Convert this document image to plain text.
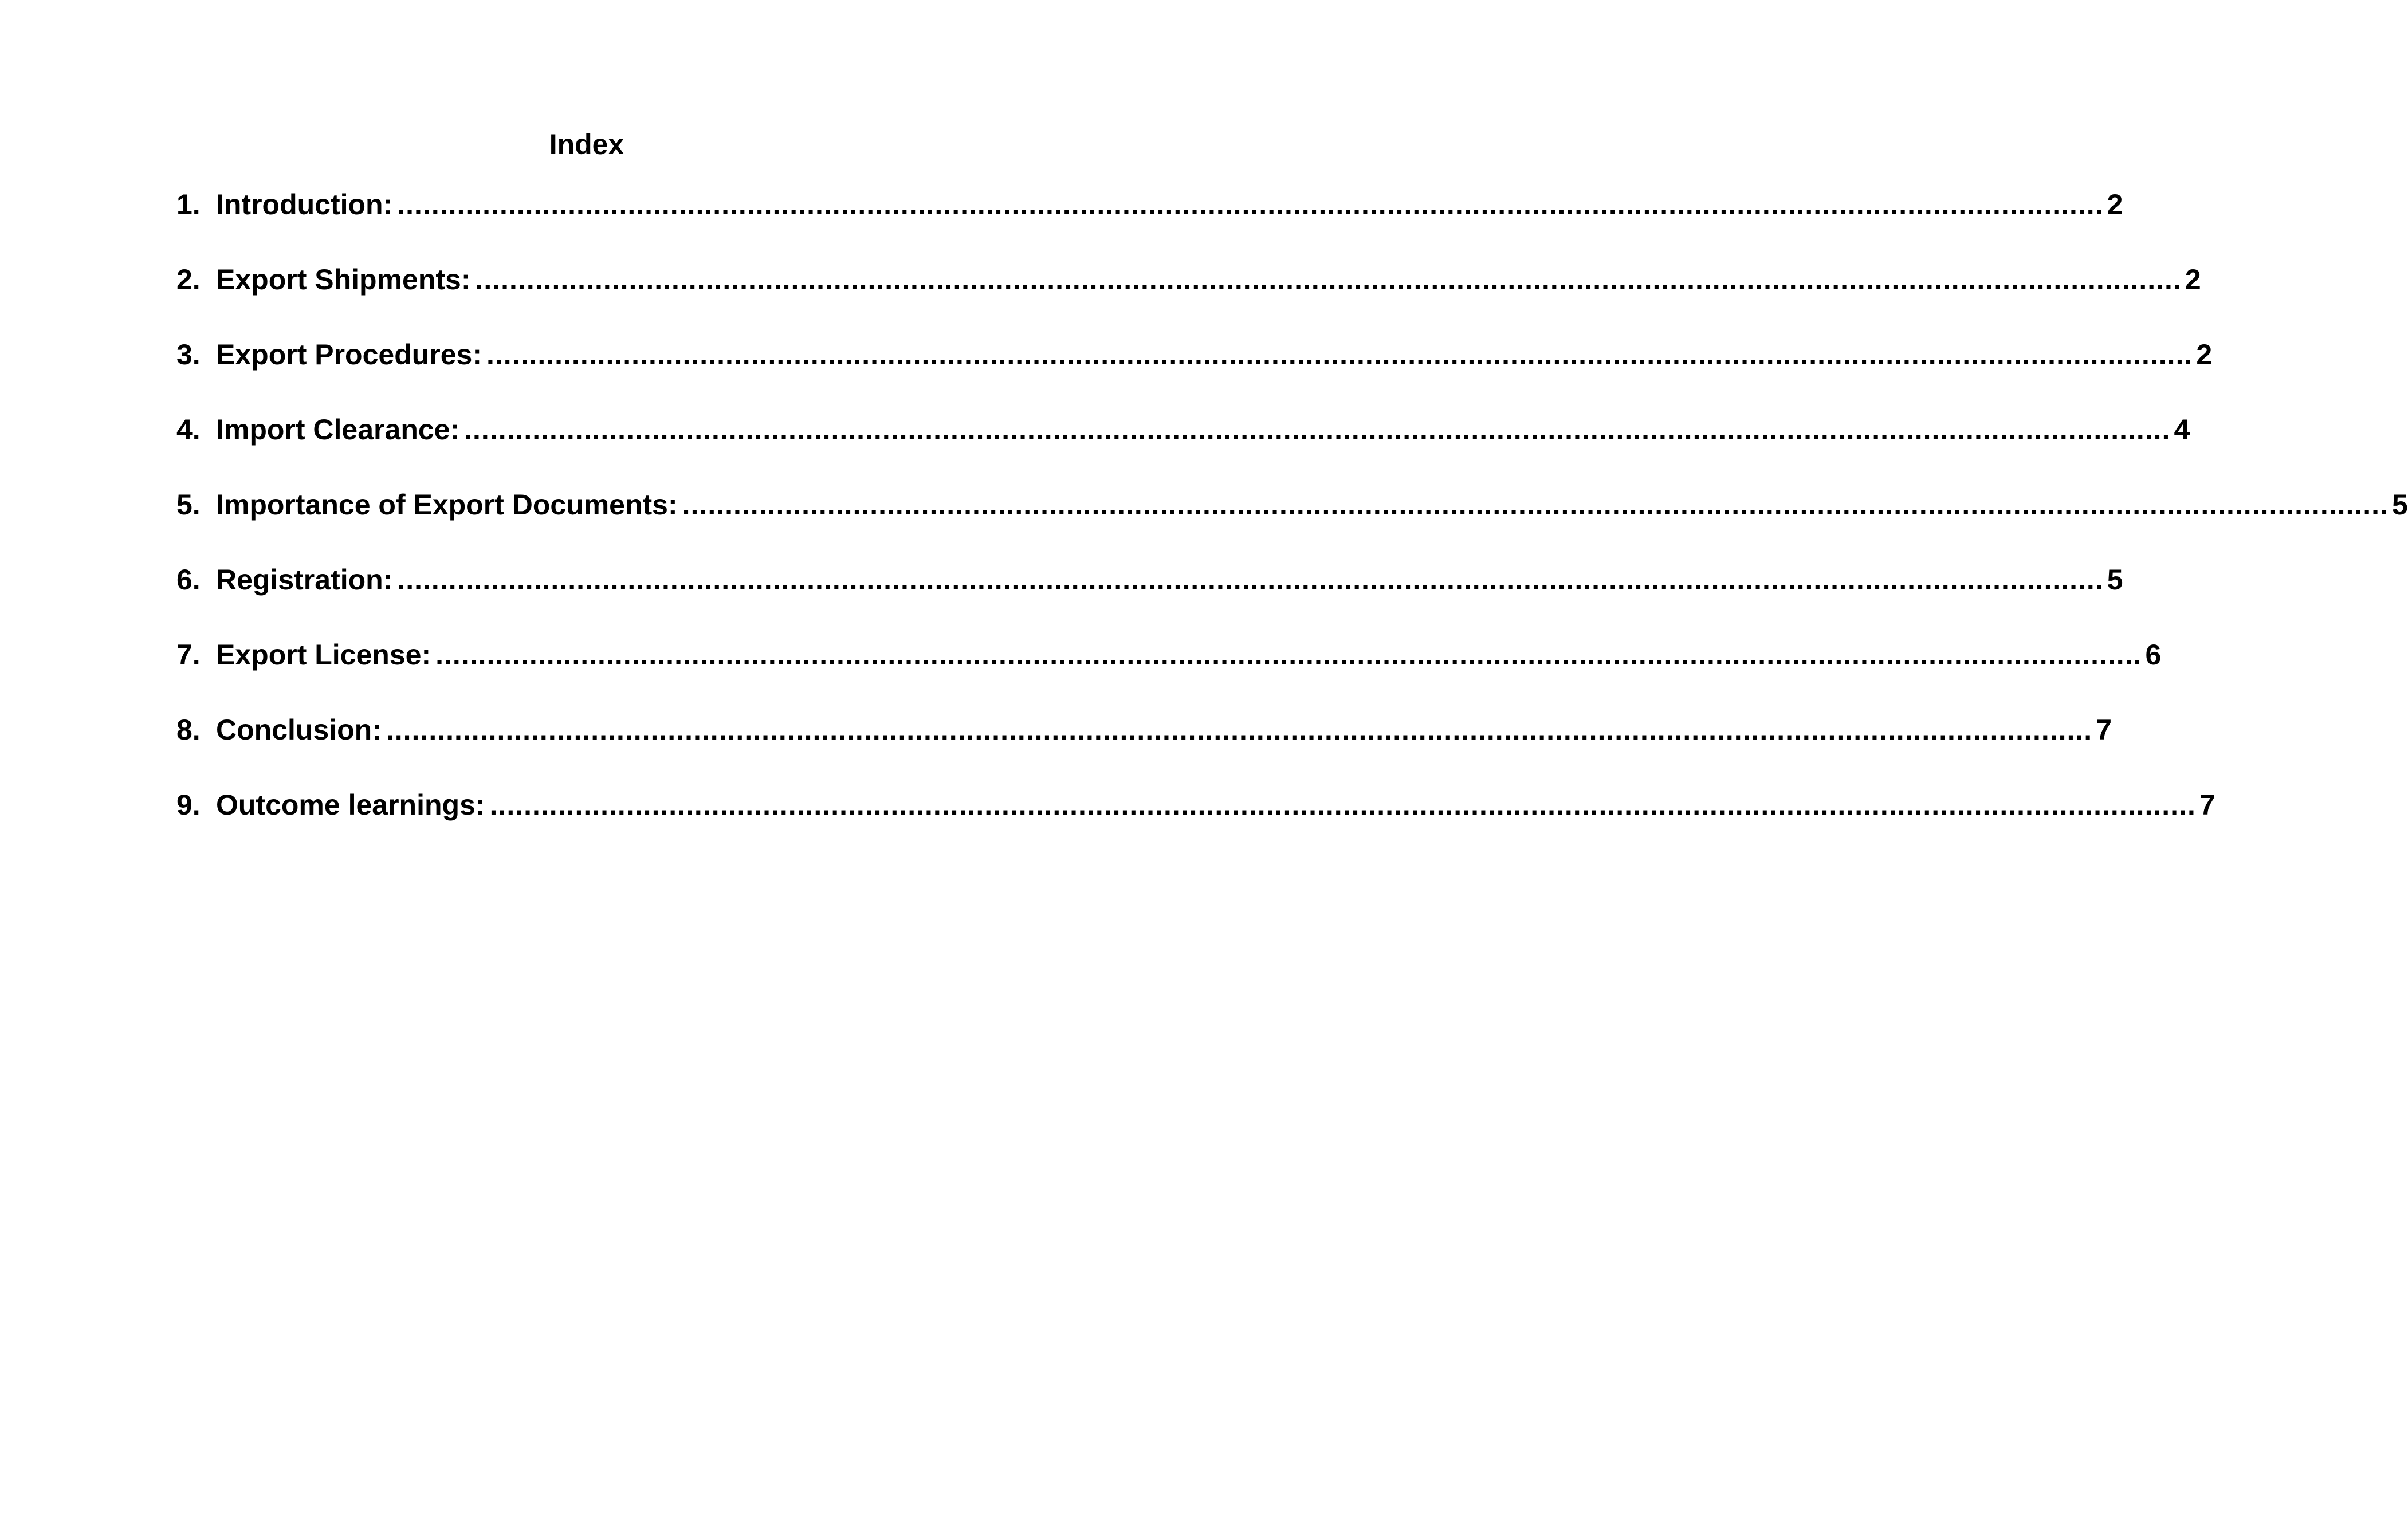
Index
1. Introduction: ........................................................................................................................................................................................................ 2
2. Export Shipments: ........................................................................................................................................................................................................ 2
3. Export Procedures: ........................................................................................................................................................................................................ 2
4. Import Clearance: ........................................................................................................................................................................................................ 4
5. Importance of Export Documents: ........................................................................................................................................................................................................ 5
6. Registration: ........................................................................................................................................................................................................ 5
7. Export License: ........................................................................................................................................................................................................ 6
8. Conclusion: ........................................................................................................................................................................................................ 7
9. Outcome learnings: ........................................................................................................................................................................................................ 7
